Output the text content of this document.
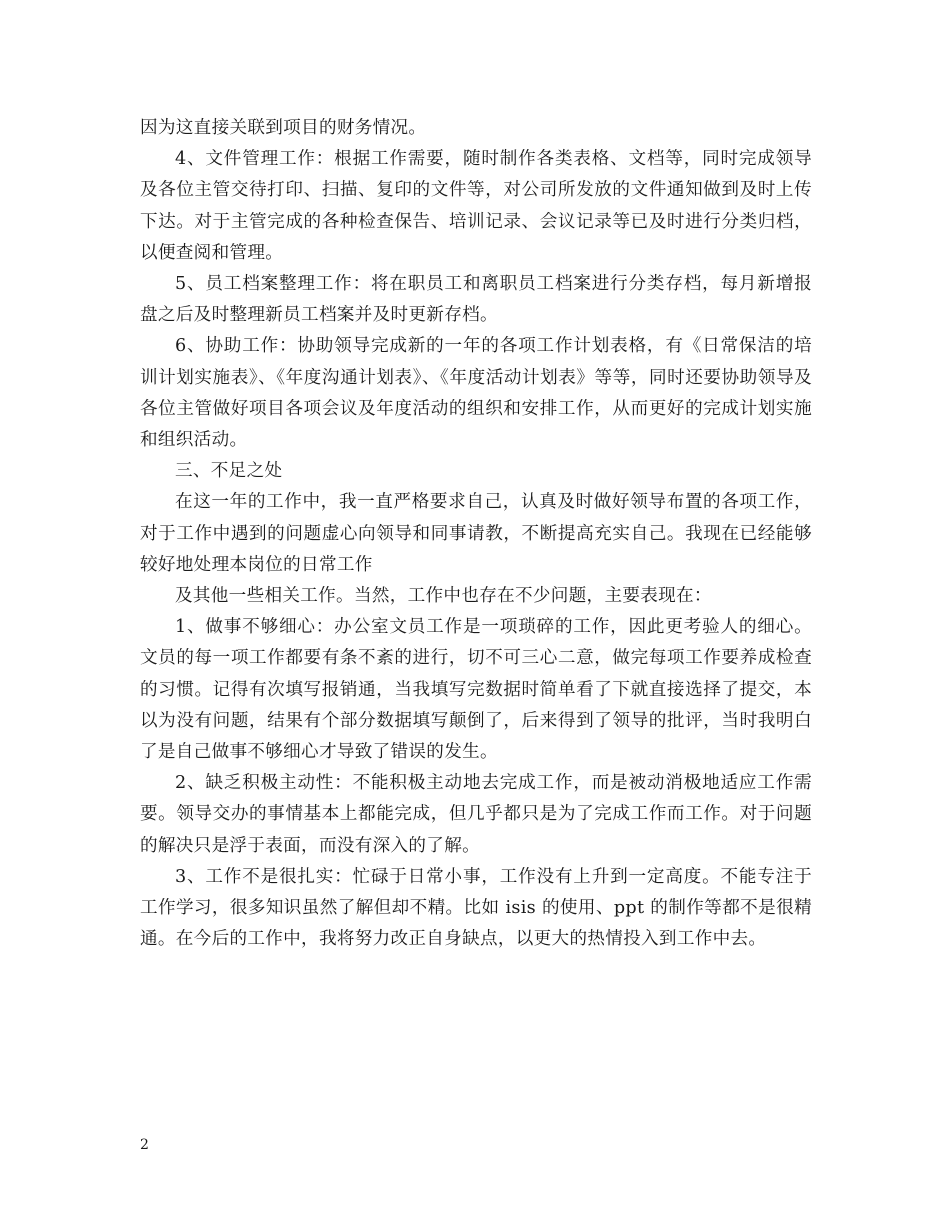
因为这直接关联到项目的财务情况。

4、文件管理工作：根据工作需要，随时制作各类表格、文档等，同时完成领导及各位主管交待打印、扫描、复印的文件等，对公司所发放的文件通知做到及时上传下达。对于主管完成的各种检查保告、培训记录、会议记录等已及时进行分类归档，以便查阅和管理。

5、员工档案整理工作：将在职员工和离职员工档案进行分类存档，每月新增报盘之后及时整理新员工档案并及时更新存档。

6、协助工作：协助领导完成新的一年的各项工作计划表格，有《日常保洁的培训计划实施表》、《年度沟通计划表》、《年度活动计划表》等等，同时还要协助领导及各位主管做好项目各项会议及年度活动的组织和安排工作，从而更好的完成计划实施和组织活动。

三、不足之处

在这一年的工作中，我一直严格要求自己，认真及时做好领导布置的各项工作，对于工作中遇到的问题虚心向领导和同事请教，不断提高充实自己。我现在已经能够较好地处理本岗位的日常工作

及其他一些相关工作。当然，工作中也存在不少问题，主要表现在：

1、做事不够细心：办公室文员工作是一项琐碎的工作，因此更考验人的细心。文员的每一项工作都要有条不紊的进行，切不可三心二意，做完每项工作要养成检查的习惯。记得有次填写报销通，当我填写完数据时简单看了下就直接选择了提交，本以为没有问题，结果有个部分数据填写颠倒了，后来得到了领导的批评，当时我明白了是自己做事不够细心才导致了错误的发生。

2、缺乏积极主动性：不能积极主动地去完成工作，而是被动消极地适应工作需要。领导交办的事情基本上都能完成，但几乎都只是为了完成工作而工作。对于问题的解决只是浮于表面，而没有深入的了解。

3、工作不是很扎实：忙碌于日常小事，工作没有上升到一定高度。不能专注于工作学习，很多知识虽然了解但却不精。比如 isis 的使用、ppt 的制作等都不是很精通。在今后的工作中，我将努力改正自身缺点，以更大的热情投入到工作中去。

2
